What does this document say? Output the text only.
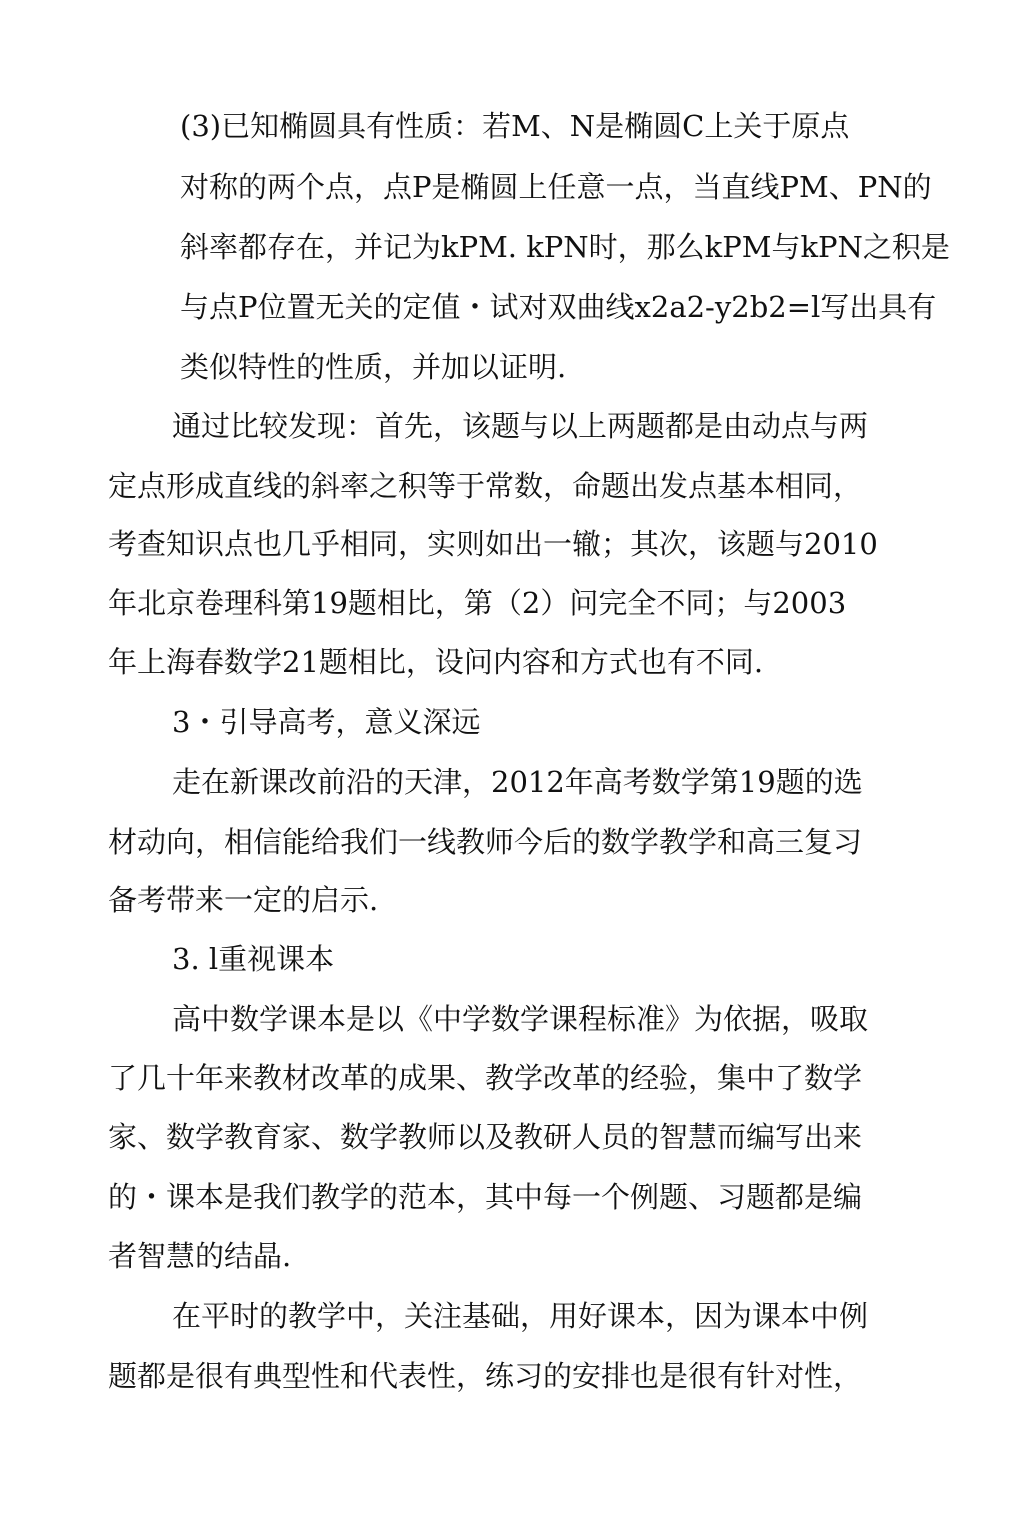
(3)已知椭圆具有性质：若M、N是椭圆C上关于原点
对称的两个点，点P是椭圆上任意一点，当直线PM、PN的
斜率都存在，并记为kPM. kPN时，那么kPM与kPN之积是
与点P位置无关的定值・试对双曲线x2a2-y2b2=l写出具有
类似特性的性质，并加以证明.
通过比较发现：首先，该题与以上两题都是由动点与两
定点形成直线的斜率之积等于常数，命题出发点基本相同，
考查知识点也几乎相同，实则如出一辙；其次，该题与2010
年北京卷理科第19题相比，第（2）问完全不同；与2003
年上海春数学21题相比，设问内容和方式也有不同.
3・引导高考，意义深远
走在新课改前沿的天津，2012年高考数学第19题的选
材动向，相信能给我们一线教师今后的数学教学和高三复习
备考带来一定的启示.
3. l重视课本
高中数学课本是以《中学数学课程标准》为依据，吸取
了几十年来教材改革的成果、教学改革的经验，集中了数学
家、数学教育家、数学教师以及教研人员的智慧而编写出来
的・课本是我们教学的范本，其中每一个例题、习题都是编
者智慧的结晶.
在平时的教学中，关注基础，用好课本，因为课本中例
题都是很有典型性和代表性，练习的安排也是很有针对性，
